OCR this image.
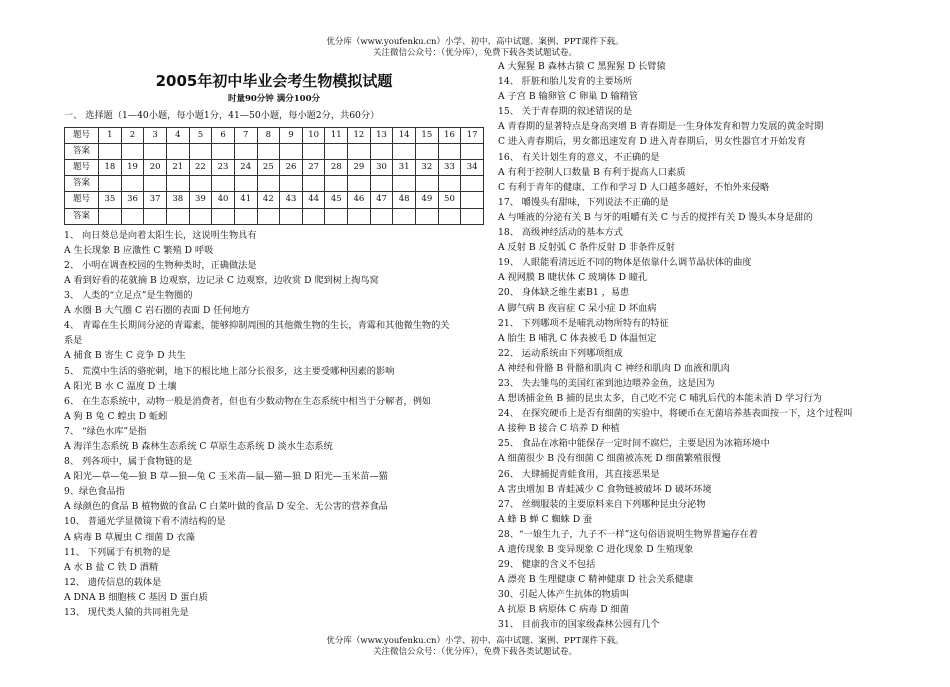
优分库（www.youfenku.cn）小学、初中、高中试题、案例、PPT课件下载。
关注微信公众号：（优分库），免费下载各类试题试卷。

2005年初中毕业会考生物模拟试题

时量90分钟 满分100分

一、 选择题（1—40小题，每小题1分，41—50小题，每小题2分，共60分）

题号	1	2	3	4	5	6	7	8	9	10	11	12	13	14	15	16	17
答案																	
题号	18	19	20	21	22	23	24	25	26	27	28	29	30	31	32	33	34
答案																	
题号	35	36	37	38	39	40	41	42	43	44	45	46	47	48	49	50	
答案																	

1、 向日葵总是向着太阳生长，这说明生物具有

A 生长现象 B 应激性 C 繁殖 D 呼吸

2、 小明在调查校园的生物种类时，正确做法是

A 看到好看的花就摘 B 边观察，边记录 C 边观察，边收赏 D 爬到树上掏鸟窝

3、 人类的“立足点”是生物圈的

A 水圈 B 大气圈 C 岩石圈的表面 D 任何地方

4、 青霉在生长期间分泌的青霉素，能够抑制周围的其他微生物的生长，青霉和其他微生物的关

系是

A 捕食 B 寄生 C 竞争 D 共生

5、 荒漠中生活的骆驼刺，地下的根比地上部分长很多，这主要受哪种因素的影响

A 阳光 B 水 C 温度 D 土壤

6、 在生态系统中，动物一般是消费者，但也有少数动物在生态系统中相当于分解者，例如

A 狗 B 兔 C 蝗虫 D 蚯蚓

7、 “绿色水库”是指

A 海洋生态系统 B 森林生态系统 C 草原生态系统 D 淡水生态系统

8、 列各项中，属于食物链的是

A 阳光—草—兔—狼 B 草—狼—兔 C 玉米苗—鼠—猫—狼 D 阳光—玉米苗—猫

9、绿色食品指

A 绿颜色的食品 B 植物做的食品 C 白菜叶做的食品 D 安全、无公害的营养食品

10、 普通光学显微镜下看不清结构的是

A 病毒 B 草履虫 C 细菌 D 衣藻

11、 下列属于有机物的是

A 水 B 盐 C 铁 D 酒精

12、 遗传信息的载体是

A DNA B 细胞核 C 基因 D 蛋白质

13、 现代类人猿的共同祖先是

A 大猩猩 B 森林古猿 C 黑猩猩 D 长臂猿

14、 肝脏和胎儿发育的主要场所

A 子宫 B 输卵管 C 卵巢 D 输精管

15、 关于青春期的叙述错误的是

A 青春期的显著特点是身高突增 B 青春期是一生身体发育和智力发展的黄金时期

C 进入青春期后，男女都迅速发育 D 进入青春期后，男女性器官才开始发育

16、 有关计划生育的意义，不正确的是

A 有利于控制人口数量 B 有利于提高人口素质

C 有利于青年的健康、工作和学习 D 人口越多越好，不怕外来侵略

17、 嚼馒头有甜味，下列说法不正确的是

A 与唾液的分泌有关 B 与牙的咀嚼有关 C 与舌的搅拌有关 D 馒头本身是甜的

18、 高级神经活动的基本方式

A 反射 B 反射弧 C 条件反射 D 非条件反射

19、 人眼能看清远近不同的物体是依靠什么调节晶状体的曲度

A 视网膜 B 睫状体 C 玻璃体 D 瞳孔

20、 身体缺乏维生素B1 ，易患

A 脚气病 B 夜盲症 C 呆小症 D 坏血病

21、 下列哪项不是哺乳动物所特有的特征

A 胎生 B 哺乳 C 体表被毛 D 体温恒定

22、 运动系统由下列哪项组成

A 神经和骨骼 B 骨骼和肌肉 C 神经和肌肉 D 血液和肌肉

23、 失去雏鸟的美国红雀到池边喂养金鱼，这是因为

A 想诱捕金鱼 B 捕的昆虫太多，自己吃不完 C 哺乳后代的本能未消 D 学习行为

24、 在探究硬币上是否有细菌的实验中，将硬币在无菌培养基表面按一下，这个过程叫

A 接种 B 接合 C 培养 D 种植

25、 食品在冰箱中能保存一定时间不腐烂，主要是因为冰箱环境中

A 细菌很少 B 没有细菌 C 细菌被冻死 D 细菌繁殖很慢

26、 大肆捕捉青蛙食用，其直接恶果是

A 害虫增加 B 青蛙减少 C 食物链被破坏 D 破坏环境

27、 丝绸服装的主要原料来自下列哪种昆虫分泌物

A 蜂 B 蝉 C 蜘蛛 D 蚕

28、“一娘生九子，九子不一样”这句俗语说明生物界普遍存在着

A 遗传现象 B 变异现象 C 进化现象 D 生殖现象

29、 健康的含义不包括

A 漂亮 B 生理健康 C 精神健康 D 社会关系健康

30、引起人体产生抗体的物质叫

A 抗原 B 病原体 C 病毒 D 细菌

31、 目前我市的国家级森林公园有几个

优分库（www.youfenku.cn）小学、初中、高中试题、案例、PPT课件下载。
关注微信公众号：（优分库），免费下载各类试题试卷。
